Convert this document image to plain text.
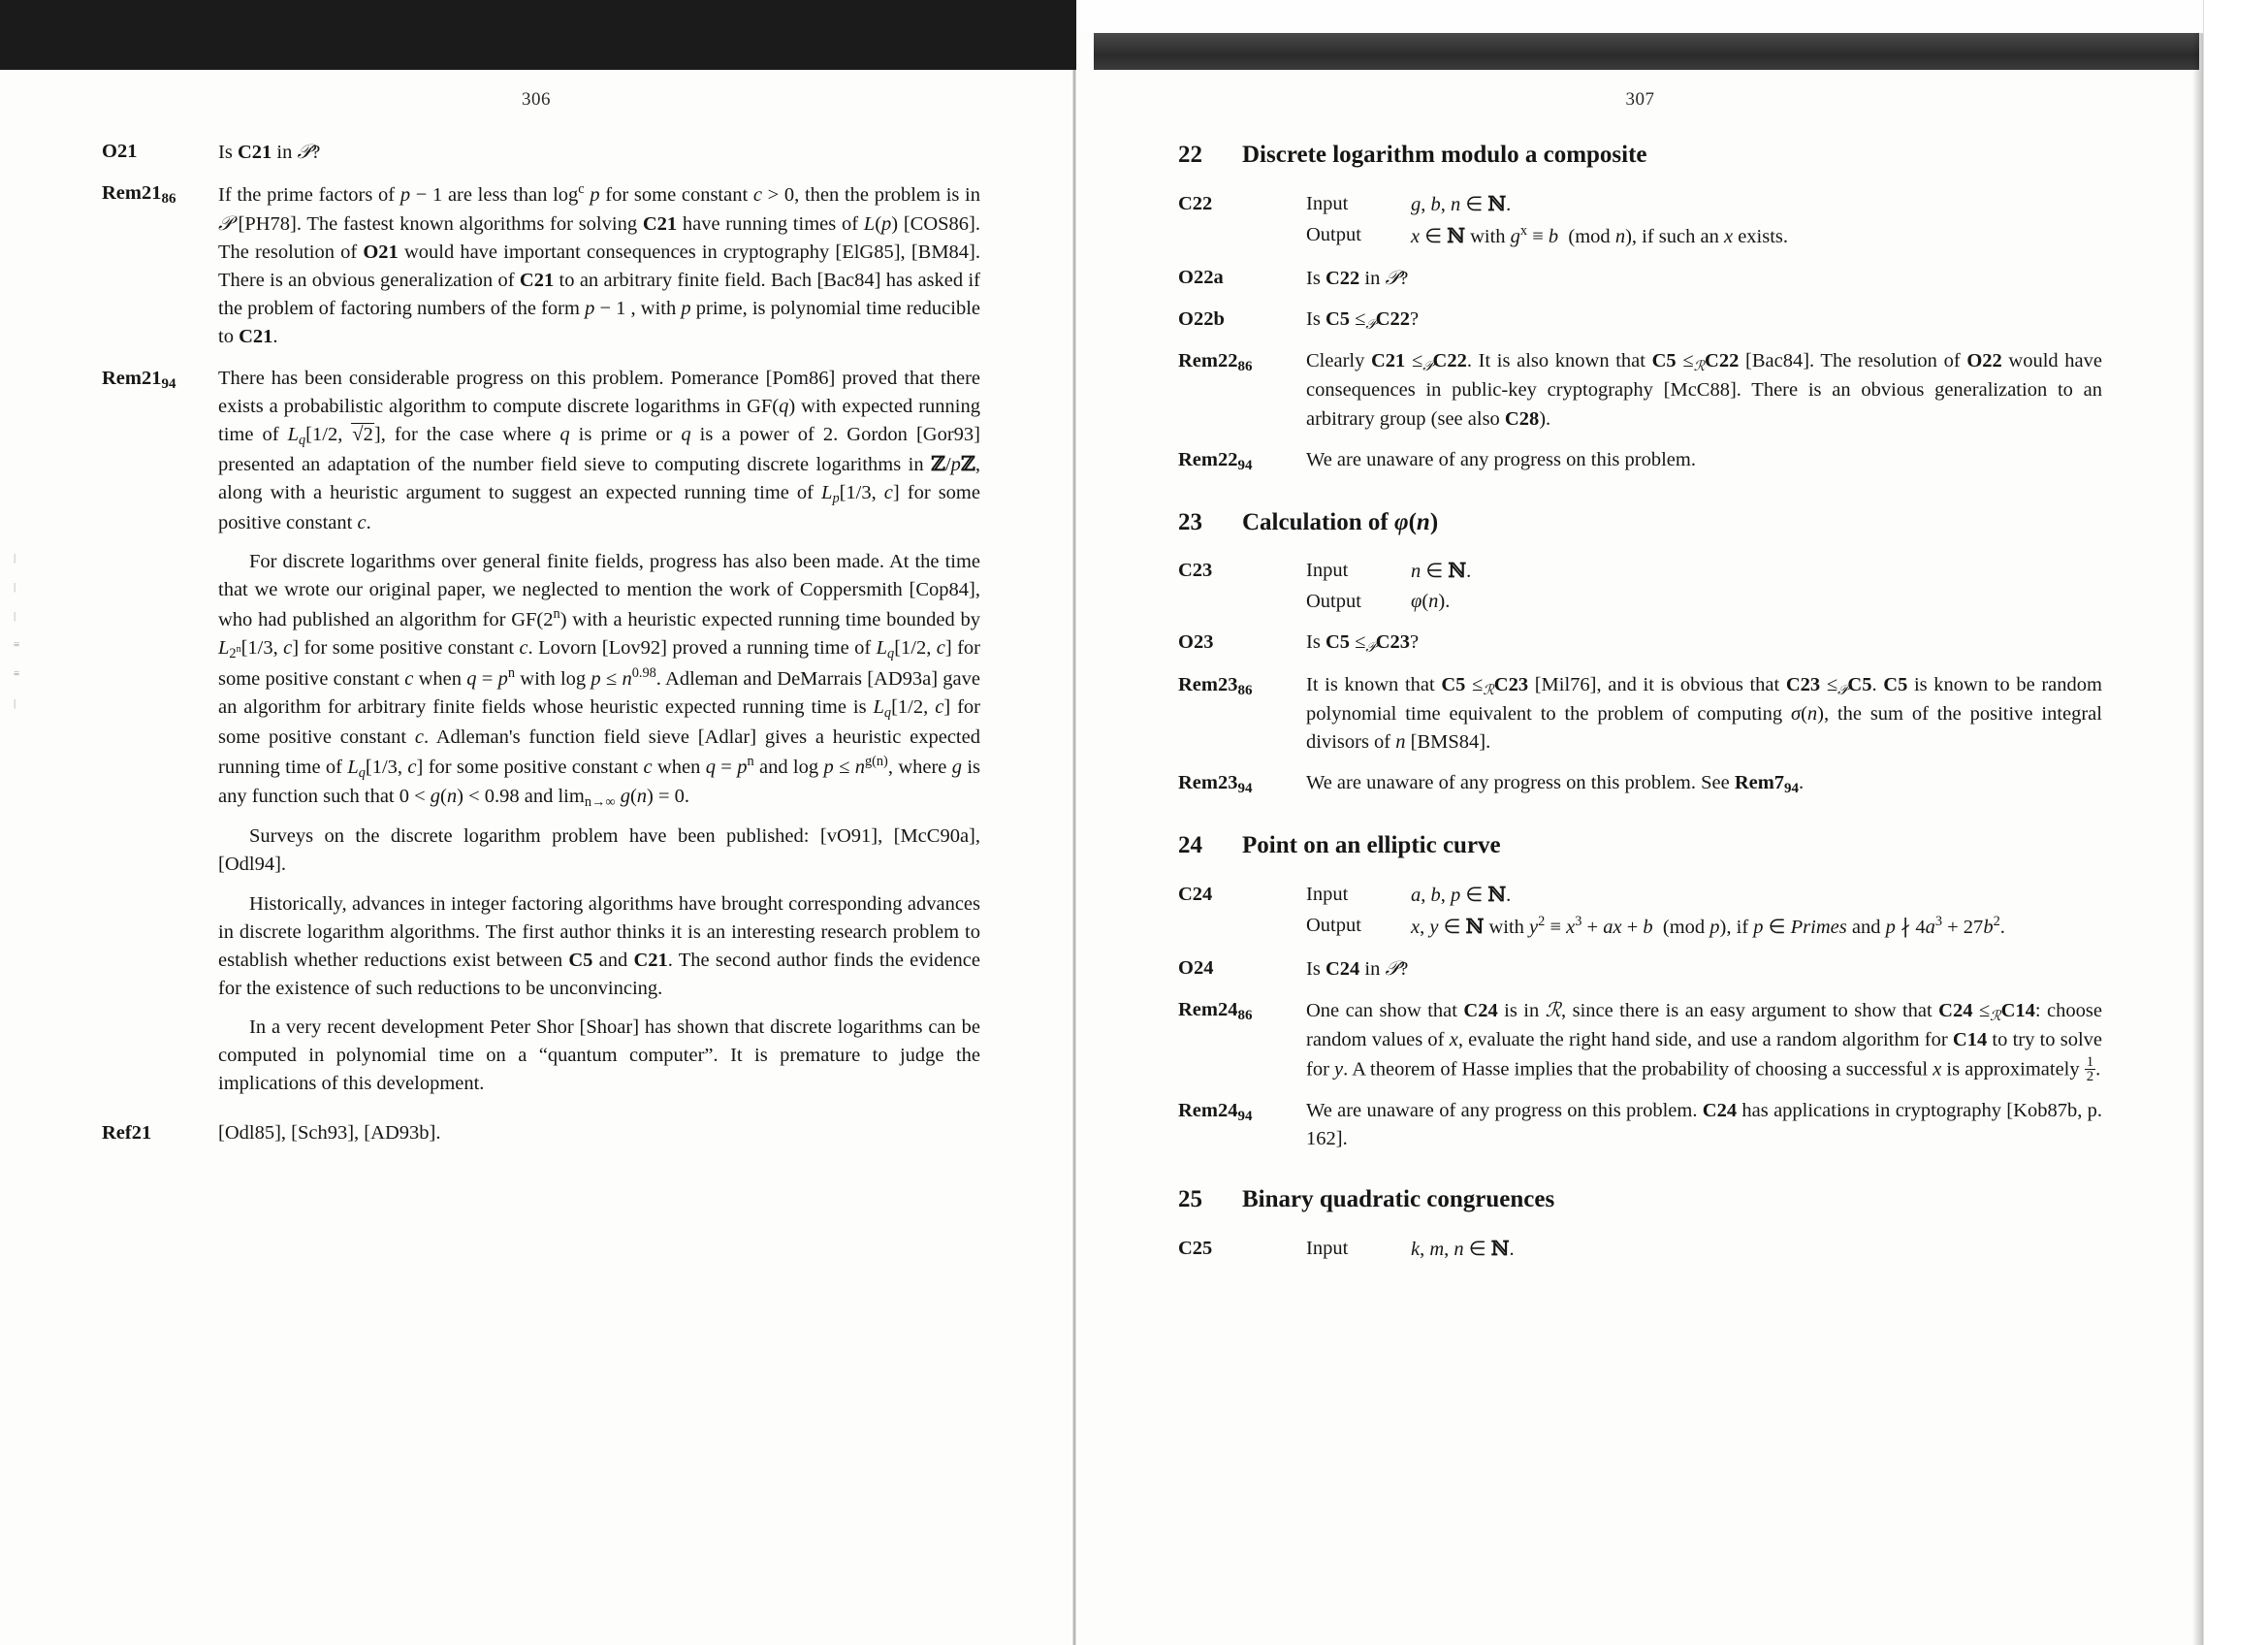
|
|
|
≡
≡
|
306
O21	Is C21 in 𝒫?
$Rem21_{86}$	If the prime factors of p − 1 are less than $\log^c p$ for some constant c > 0, then the problem is in 𝒫 [PH78]. The fastest known algorithms for solving C21 have running times of L(p) [COS86]. The resolution of O21 would have important consequences in cryptography [ElG85], [BM84]. There is an obvious generalization of C21 to an arbitrary finite field. Bach [Bac84] has asked if the problem of factoring numbers of the form p − 1 , with p prime, is polynomial time reducible to C21.
$Rem21_{94}$	There has been considerable progress on this problem. Pomerance [Pom86] proved that there exists a probabilistic algorithm to compute discrete logarithms in GF(q) with expected running time of Lq[1/2, √2], for the case where q is prime or q is a power of 2. Gordon [Gor93] presented an adaptation of the number field sieve to computing discrete logarithms in ℤ/pℤ, along with a heuristic argument to suggest an expected running time of Lp[1/3, c] for some positive constant c.
For discrete logarithms over general finite fields, progress has also been made. At the time that we wrote our original paper, we neglected to mention the work of Coppersmith [Cop84], who had published an algorithm for GF(2$^n$) with a heuristic expected running time bounded by L2$^n$[1/3, c] for some positive constant c. Lovorn [Lov92] proved a running time of Lq[1/2, c] for some positive constant c when $q = p^n$ with $\log p \le n^{0.98}$. Adleman and DeMarrais [AD93a] gave an algorithm for arbitrary finite fields whose heuristic expected running time is Lq[1/2, c] for some positive constant c. Adleman's function field sieve [Adlar] gives a heuristic expected running time of Lq[1/3, c] for some positive constant c when $q = p^n$ and $\log p \le n^{g(n)}$, where g is any function such that 0 < g(n) < 0.98 and limn→∞ g(n) = 0.
Surveys on the discrete logarithm problem have been published: [vO91], [McC90a], [Odl94].
Historically, advances in integer factoring algorithms have brought corresponding advances in discrete logarithm algorithms. The first author thinks it is an interesting research problem to establish whether reductions exist between C5 and C21. The second author finds the evidence for the existence of such reductions to be unconvincing.
In a very recent development Peter Shor [Shoar] has shown that discrete logarithms can be computed in polynomial time on a “quantum computer”. It is premature to judge the implications of this development.
Ref21	[Odl85], [Sch93], [AD93b].
307
22	Discrete logarithm modulo a composite
C22	Input	g, b, n ∈ ℕ.
Output	x ∈ ℕ with $g^x \equiv b$  (mod n), if such an x exists.
O22a	Is C22 in 𝒫?
O22b	Is C5 ≤𝒫C22?
$Rem22_{86}$	Clearly C21 ≤𝒫C22. It is also known that C5 ≤ℛC22 [Bac84]. The resolution of O22 would have consequences in public-key cryptography [McC88]. There is an obvious generalization to an arbitrary group (see also C28).
$Rem22_{94}$	We are unaware of any progress on this problem.
23	Calculation of φ(n)
C23	Input	n ∈ ℕ.
Output	φ(n).
O23	Is C5 ≤𝒫C23?
$Rem23_{86}$	It is known that C5 ≤ℛC23 [Mil76], and it is obvious that C23 ≤𝒫C5. C5 is known to be random polynomial time equivalent to the problem of computing σ(n), the sum of the positive integral divisors of n [BMS84].
$Rem23_{94}$	We are unaware of any progress on this problem. See $Rem7_{94}$.
24	Point on an elliptic curve
C24	Input	a, b, p ∈ ℕ.
Output	x, y ∈ ℕ with $y^2 \equiv x^3$ + ax + b  (mod p), if p ∈ Primes and p ∤ $4a^3 + 27b^2$.
O24	Is C24 in 𝒫?
$Rem24_{86}$	One can show that C24 is in ℛ, since there is an easy argument to show that C24 ≤ℛC14: choose random values of x, evaluate the right hand side, and use a random algorithm for C14 to try to solve for y. A theorem of Hasse implies that the probability of choosing a successful x is approximately $\frac{1}{2}$ .
$Rem24_{94}$	We are unaware of any progress on this problem. C24 has applications in cryptography [Kob87b, p. 162].
25	Binary quadratic congruences
C25	Input	k, m, n ∈ ℕ.
